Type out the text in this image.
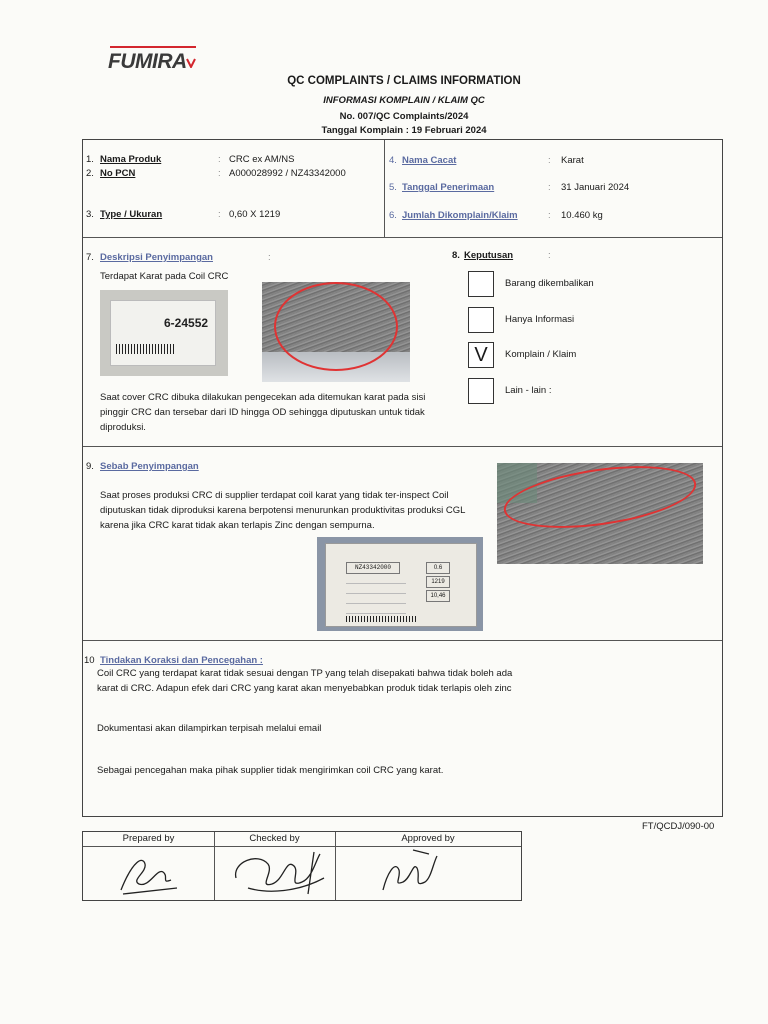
FUMIRA
QC COMPLAINTS / CLAIMS INFORMATION
INFORMASI KOMPLAIN / KLAIM QC
No. 007/QC Complaints/2024
Tanggal Komplain : 19 Februari 2024
1. Nama Produk	: CRC ex AM/NS
2. No PCN	: A000028992 / NZ43342000
3. Type / Ukuran	: 0,60 X 1219
4. Nama Cacat	: Karat
5. Tanggal Penerimaan	: 31 Januari 2024
6. Jumlah Dikomplain/Klaim	: 10.460 kg
7. Deskripsi Penyimpangan	:
Terdapat Karat pada Coil CRC
6-24552
Saat cover CRC dibuka dilakukan pengecekan ada ditemukan karat pada sisi pinggir CRC dan tersebar dari ID hingga OD sehingga diputuskan untuk tidak diproduksi.
8. Keputusan	:
Barang dikembalikan
Hanya Informasi
V	Komplain / Klaim
Lain - lain :
9. Sebab Penyimpangan
Saat proses produksi CRC di supplier terdapat coil karat yang tidak ter-inspect Coil diputuskan tidak diproduksi karena berpotensi menurunkan produktivitas produksi CGL karena jika CRC karat tidak akan terlapis Zinc dengan sempurna.
NZ43342000	0.6
1219
10,46
10 Tindakan Koraksi dan Pencegahan :
Coil CRC yang terdapat karat tidak sesuai dengan TP yang telah disepakati bahwa tidak boleh ada karat di CRC. Adapun efek dari CRC yang karat akan menyebabkan produk tidak terlapis oleh zinc
Dokumentasi akan dilampirkan terpisah melalui email
Sebagai pencegahan maka pihak supplier tidak mengirimkan coil CRC yang karat.
FT/QCDJ/090-00
Prepared by	Checked by	Approved by
